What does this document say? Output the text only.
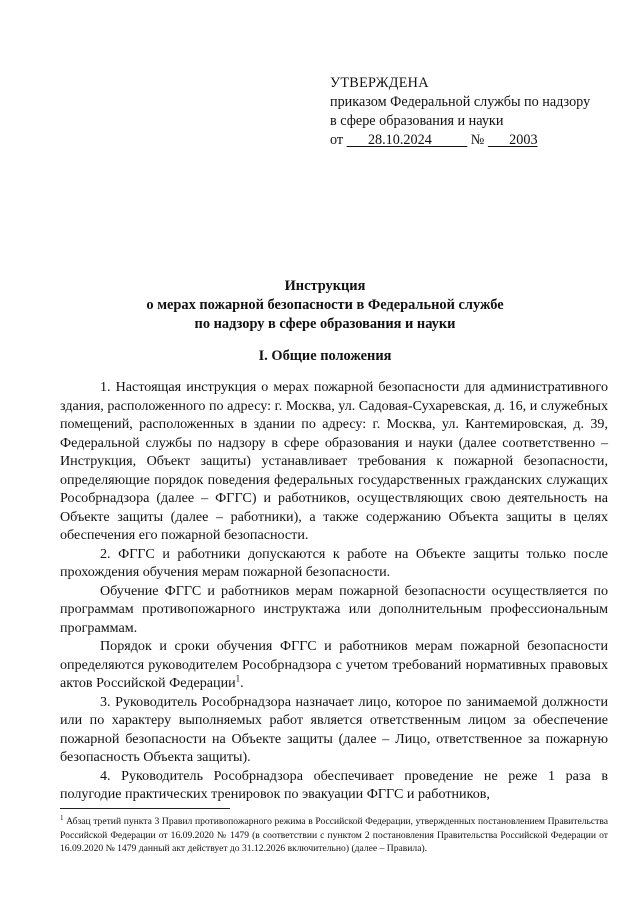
УТВЕРЖДЕНА
приказом Федеральной службы по надзору
в сфере образования и науки
от 28.10.2024	№ 2003
Инструкция
о мерах пожарной безопасности в Федеральной службе
по надзору в сфере образования и науки
I. Общие положения

1. Настоящая инструкция о мерах пожарной безопасности для административного здания, расположенного по адресу: г. Москва, ул. Садовая-Сухаревская, д. 16, и служебных помещений, расположенных в здании по адресу: г. Москва, ул. Кантемировская, д. 39, Федеральной службы по надзору в сфере образования и науки (далее соответственно – Инструкция, Объект защиты) устанавливает требования к пожарной безопасности, определяющие порядок поведения федеральных государственных гражданских служащих Рособрнадзора (далее – ФГГС) и работников, осуществляющих свою деятельность на Объекте защиты (далее – работники), а также содержанию Объекта защиты в целях обеспечения его пожарной безопасности.

2. ФГГС и работники допускаются к работе на Объекте защиты только после прохождения обучения мерам пожарной безопасности.

Обучение ФГГС и работников мерам пожарной безопасности осуществляется по программам противопожарного инструктажа или дополнительным профессиональным программам.

Порядок и сроки обучения ФГГС и работников мерам пожарной безопасности определяются руководителем Рособрнадзора с учетом требований нормативных правовых актов Российской Федерации$^1$.

3. Руководитель Рособрнадзора назначает лицо, которое по занимаемой должности или по характеру выполняемых работ является ответственным лицом за обеспечение пожарной безопасности на Объекте защиты (далее – Лицо, ответственное за пожарную безопасность Объекта защиты).

4. Руководитель Рособрнадзора обеспечивает проведение не реже 1 раза в полугодие практических тренировок по эвакуации ФГГС и работников,

$^1$ Абзац третий пункта 3 Правил противопожарного режима в Российской Федерации, утвержденных постановлением Правительства Российской Федерации от 16.09.2020 № 1479 (в соответствии с пунктом 2 постановления Правительства Российской Федерации от 16.09.2020 № 1479 данный акт действует до 31.12.2026 включительно) (далее – Правила).
